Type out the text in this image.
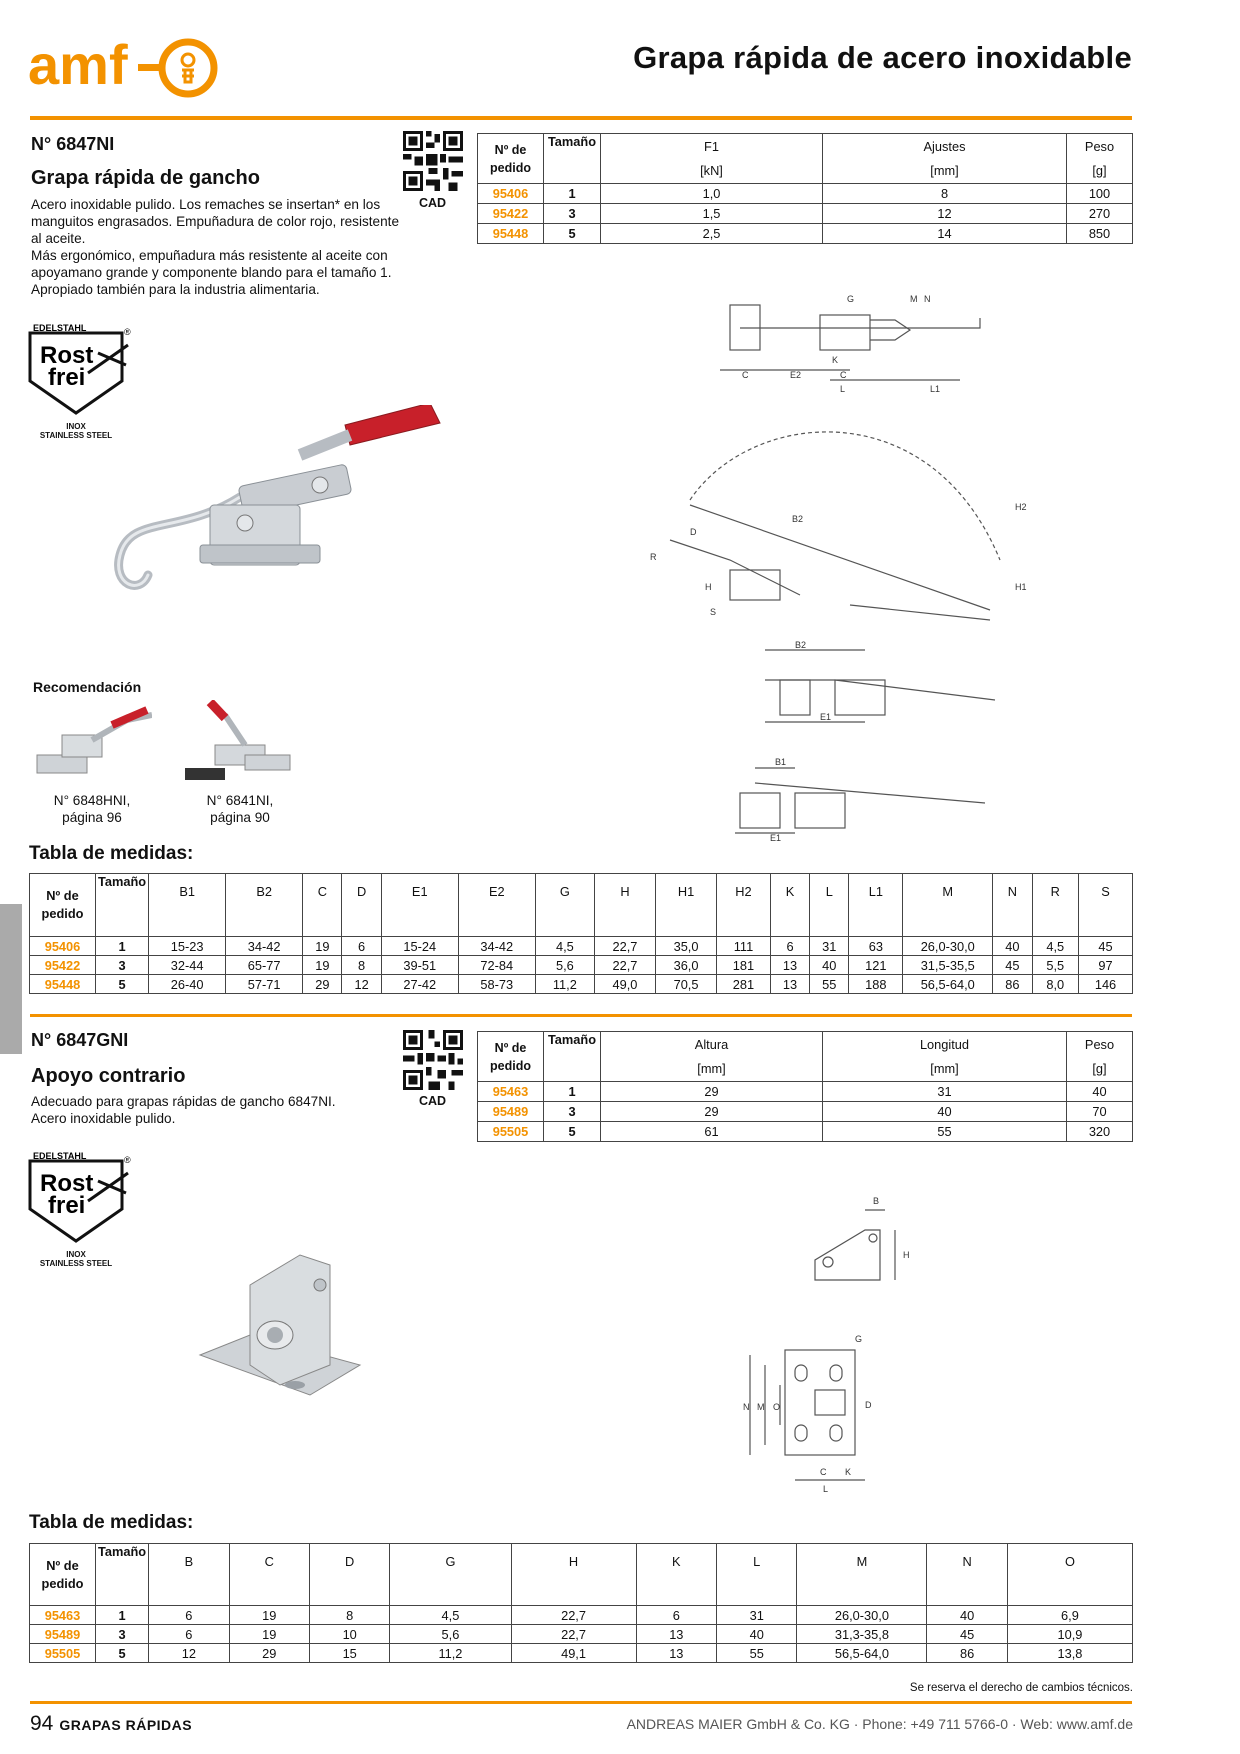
amf	Grapa rápida de acero inoxidable
N° 6847NI
Grapa rápida de gancho
Acero inoxidable pulido. Los remaches se insertan* en los
manguitos engrasados. Empuñadura de color rojo, resistente
al aceite.
Más ergonómico, empuñadura más resistente al aceite con
apoyamano grande y componente blando para el tamaño 1.
Apropiado también para la industria alimentaria.
CAD
Nº de pedido	Tamaño	F1	Ajustes	Peso
		[kN]	[mm]	[g]
95406	1	1,0	8	100
95422	3	1,5	12	270
95448	5	2,5	14	850
EDELSTAHL	®
Rost
frei
INOX
STAINLESS STEEL
G	M N
K
C	C
E2
L	L1
B2
H2
D
R
H
S
H1
B2
E1
B1
E1
Recomendación
N° 6848HNI,
página 96
N° 6841NI,
página 90
Tabla de medidas:
Nº de pedido	Tamaño	B1	B2	C	D	E1	E2	G	H	H1	H2	K	L	L1	M	N	R	S
95406	1	15-23	34-42	19	6	15-24	34-42	4,5	22,7	35,0	111	6	31	63	26,0-30,0	40	4,5	45
95422	3	32-44	65-77	19	8	39-51	72-84	5,6	22,7	36,0	181	13	40	121	31,5-35,5	45	5,5	97
95448	5	26-40	57-71	29	12	27-42	58-73	11,2	49,0	70,5	281	13	55	188	56,5-64,0	86	8,0	146
N° 6847GNI
Apoyo contrario
Adecuado para grapas rápidas de gancho 6847NI.
Acero inoxidable pulido.
CAD
Nº de pedido	Tamaño	Altura	Longitud	Peso
		[mm]	[mm]	[g]
95463	1	29	31	40
95489	3	29	40	70
95505	5	61	55	320
EDELSTAHL	®
Rost
frei
INOX
STAINLESS STEEL
B
H
G
N M O	D
C K
L
Tabla de medidas:
Nº de pedido	Tamaño	B	C	D	G	H	K	L	M	N	O
95463	1	6	19	8	4,5	22,7	6	31	26,0-30,0	40	6,9
95489	3	6	19	10	5,6	22,7	13	40	31,3-35,8	45	10,9
95505	5	12	29	15	11,2	49,1	13	55	56,5-64,0	86	13,8
Se reserva el derecho de cambios técnicos.
94 GRAPAS RÁPIDAS	ANDREAS MAIER GmbH & Co. KG · Phone: +49 711 5766-0 · Web: www.amf.de
